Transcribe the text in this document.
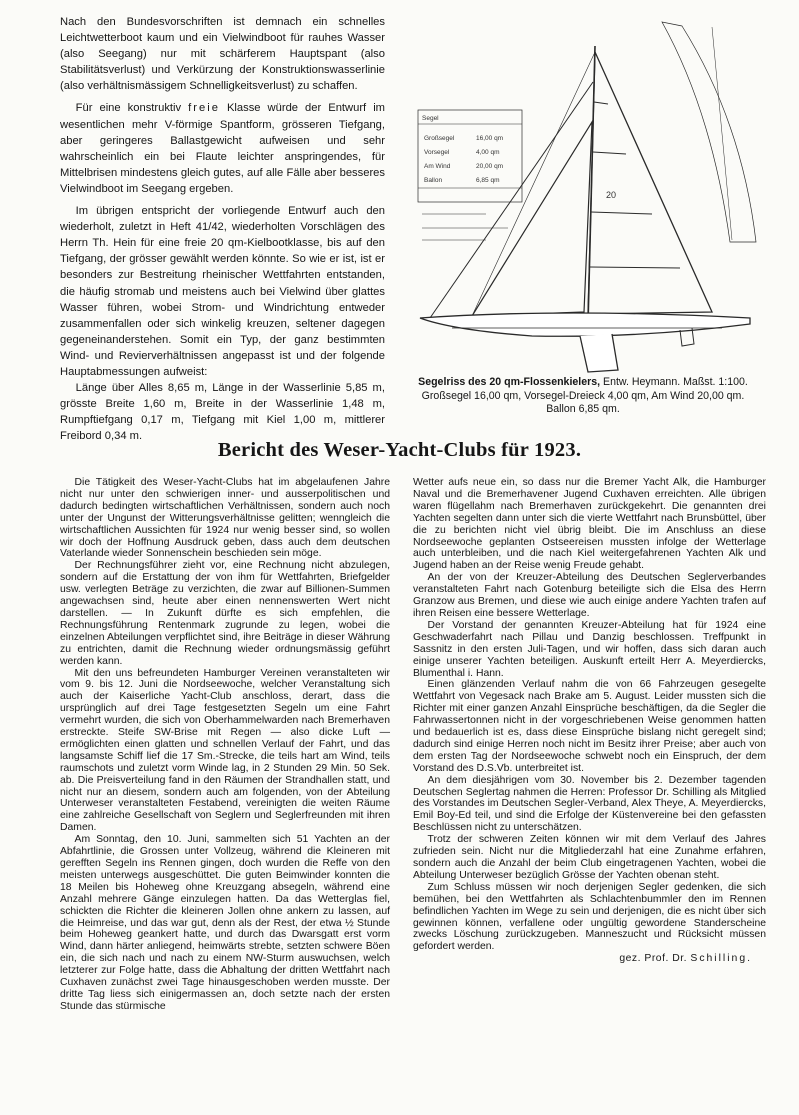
Nach den Bundesvorschriften ist demnach ein schnelles Leichtwetterboot kaum und ein Vielwindboot für rauhes Wasser (also Seegang) nur mit schärferem Hauptspant (also Stabilitätsverlust) und Verkürzung der Konstruktionswasserlinie (also verhältnismässigem Schnelligkeitsverlust) zu schaffen.

Für eine konstruktiv freie Klasse würde der Entwurf im wesentlichen mehr V-förmige Spantform, grösseren Tiefgang, aber geringeres Ballastgewicht aufweisen und sehr wahrscheinlich ein bei Flaute leichter anspringendes, für Mittelbrisen mindestens gleich gutes, auf alle Fälle aber besseres Vielwindboot im Seegang ergeben.

Im übrigen entspricht der vorliegende Entwurf auch den wiederholt, zuletzt in Heft 41/42, wiederholten Vorschlägen des Herrn Th. Hein für eine freie 20 qm-Kielbootklasse, bis auf den Tiefgang, der grösser gewählt werden könnte. So wie er ist, ist er besonders zur Bestreitung rheinischer Wettfahrten entstanden, die häufig stromab und meistens auch bei Vielwind über glattes Wasser führen, wobei Strom- und Windrichtung entweder zusammenfallen oder sich winkelig kreuzen, seltener dagegen gegeneinanderstehen. Somit ein Typ, der ganz bestimmten Wind- und Revierverhältnissen angepasst ist und der folgende Hauptabmessungen aufweist:

Länge über Alles 8,65 m, Länge in der Wasserlinie 5,85 m, grösste Breite 1,60 m, Breite in der Wasserlinie 1,48 m, Rumpftiefgang 0,17 m, Tiefgang mit Kiel 1,00 m, mittlerer Freibord 0,34 m.

Segel
Großsegel
Vorsegel
Am Wind
Ballon
16,00 qm
4,00 qm
20,00 qm
6,85 qm
20
Segelriss des 20 qm-Flossenkielers, Entw. Heymann. Maßst. 1:100.
Großsegel 16,00 qm, Vorsegel-Dreieck 4,00 qm, Am Wind 20,00 qm.
Ballon 6,85 qm.
Bericht des Weser-Yacht-Clubs für 1923.

Die Tätigkeit des Weser-Yacht-Clubs hat im abgelaufenen Jahre nicht nur unter den schwierigen inner- und ausserpolitischen und dadurch bedingten wirtschaftlichen Verhältnissen, sondern auch noch unter der Ungunst der Witterungsverhältnisse gelitten; wenngleich die wirtschaftlichen Aussichten für 1924 nur wenig besser sind, so wollen wir doch der Hoffnung Ausdruck geben, dass auch dem deutschen Vaterlande wieder Sonnenschein beschieden sein möge.

Der Rechnungsführer zieht vor, eine Rechnung nicht abzulegen, sondern auf die Erstattung der von ihm für Wettfahrten, Briefgelder usw. verlegten Beträge zu verzichten, die zwar auf Billionen-Summen angewachsen sind, heute aber einen nennenswerten Wert nicht darstellen. — In Zukunft dürfte es sich empfehlen, die Rechnungsführung Rentenmark zugrunde zu legen, wobei die einzelnen Abteilungen verpflichtet sind, ihre Beiträge in dieser Währung zu entrichten, damit die Rechnung wieder ordnungsmässig geführt werden kann.

Mit den uns befreundeten Hamburger Vereinen veranstalteten wir vom 9. bis 12. Juni die Nordseewoche, welcher Veranstaltung sich auch der Kaiserliche Yacht-Club anschloss, derart, dass die ursprünglich auf drei Tage festgesetzten Segeln um eine Fahrt vermehrt wurden, die sich von Oberhammelwarden nach Bremerhaven erstreckte. Steife SW-Brise mit Regen — also dicke Luft — ermöglichten einen glatten und schnellen Verlauf der Fahrt, und das langsamste Schiff lief die 17 Sm.-Strecke, die teils hart am Wind, teils raumschots und zuletzt vorm Winde lag, in 2 Stunden 29 Min. 50 Sek. ab. Die Preisverteilung fand in den Räumen der Strandhallen statt, und nicht nur an diesem, sondern auch am folgenden, von der Abteilung Unterweser veranstalteten Festabend, vereinigten die weiten Räume eine zahlreiche Gesellschaft von Seglern und Seglerfreunden mit ihren Damen.

Am Sonntag, den 10. Juni, sammelten sich 51 Yachten an der Abfahrtlinie, die Grossen unter Vollzeug, während die Kleineren mit gerefften Segeln ins Rennen gingen, doch wurden die Reffe von den meisten unterwegs ausgeschüttet. Die guten Beimwinder konnten die 18 Meilen bis Hoheweg ohne Kreuzgang absegeln, während eine Anzahl mehrere Gänge einzulegen hatten. Da das Wetterglas fiel, schickten die Richter die kleineren Jollen ohne ankern zu lassen, auf die Heimreise, und das war gut, denn als der Rest, der etwa ½ Stunde beim Hoheweg geankert hatte, und durch das Dwarsgatt erst vorm Wind, dann härter anliegend, heimwärts strebte, setzten schwere Böen ein, die sich nach und nach zu einem NW-Sturm auswuchsen, welch letzterer zur Folge hatte, dass die Abhaltung der dritten Wettfahrt nach Cuxhaven zunächst zwei Tage hinausgeschoben werden musste. Der dritte Tag liess sich einigermassen an, doch setzte nach der ersten Stunde das stürmische

Wetter aufs neue ein, so dass nur die Bremer Yacht Alk, die Hamburger Naval und die Bremerhavener Jugend Cuxhaven erreichten. Alle übrigen waren flügellahm nach Bremerhaven zurückgekehrt. Die genannten drei Yachten segelten dann unter sich die vierte Wettfahrt nach Brunsbüttel, über die zu berichten nicht viel übrig bleibt. Die im Anschluss an diese Nordseewoche geplanten Ostseereisen mussten infolge der Wetterlage auch unterbleiben, und die nach Kiel weitergefahrenen Yachten Alk und Jugend haben an der Reise wenig Freude gehabt.

An der von der Kreuzer-Abteilung des Deutschen Seglerverbandes veranstalteten Fahrt nach Gotenburg beteiligte sich die Elsa des Herrn Granzow aus Bremen, und diese wie auch einige andere Yachten trafen auf ihren Reisen eine bessere Wetterlage.

Der Vorstand der genannten Kreuzer-Abteilung hat für 1924 eine Geschwaderfahrt nach Pillau und Danzig beschlossen. Treffpunkt in Sassnitz in den ersten Juli-Tagen, und wir hoffen, dass sich daran auch einige unserer Yachten beteiligen. Auskunft erteilt Herr A. Meyerdiercks, Blumenthal i. Hann.

Einen glänzenden Verlauf nahm die von 66 Fahrzeugen gesegelte Wettfahrt von Vegesack nach Brake am 5. August. Leider mussten sich die Richter mit einer ganzen Anzahl Einsprüche beschäftigen, da die Segler die Fahrwassertonnen nicht in der vorgeschriebenen Weise genommen hatten und bedauerlich ist es, dass diese Einsprüche bislang nicht geregelt sind; dadurch sind einige Herren noch nicht im Besitz ihrer Preise; aber auch von dem ersten Tag der Nordseewoche schwebt noch ein Einspruch, der dem Vorstand des D.S.Vb. unterbreitet ist.

An dem diesjährigen vom 30. November bis 2. Dezember tagenden Deutschen Seglertag nahmen die Herren: Professor Dr. Schilling als Mitglied des Vorstandes im Deutschen Segler-Verband, Alex Theye, A. Meyerdiercks, Emil Boy-Ed teil, und sind die Erfolge der Küstenvereine bei den gefassten Beschlüssen nicht zu unterschätzen.

Trotz der schweren Zeiten können wir mit dem Verlauf des Jahres zufrieden sein. Nicht nur die Mitgliederzahl hat eine Zunahme erfahren, sondern auch die Anzahl der beim Club eingetragenen Yachten, wobei die Abteilung Unterweser bezüglich Grösse der Yachten obenan steht.

Zum Schluss müssen wir noch derjenigen Segler gedenken, die sich bemühen, bei den Wettfahrten als Schlachtenbummler den im Rennen befindlichen Yachten im Wege zu sein und derjenigen, die es nicht über sich gewinnen können, verfallene oder ungültig gewordene Standerscheine zwecks Löschung zurückzugeben. Manneszucht und Rücksicht müssen gefordert werden.

gez. Prof. Dr. Schilling.
